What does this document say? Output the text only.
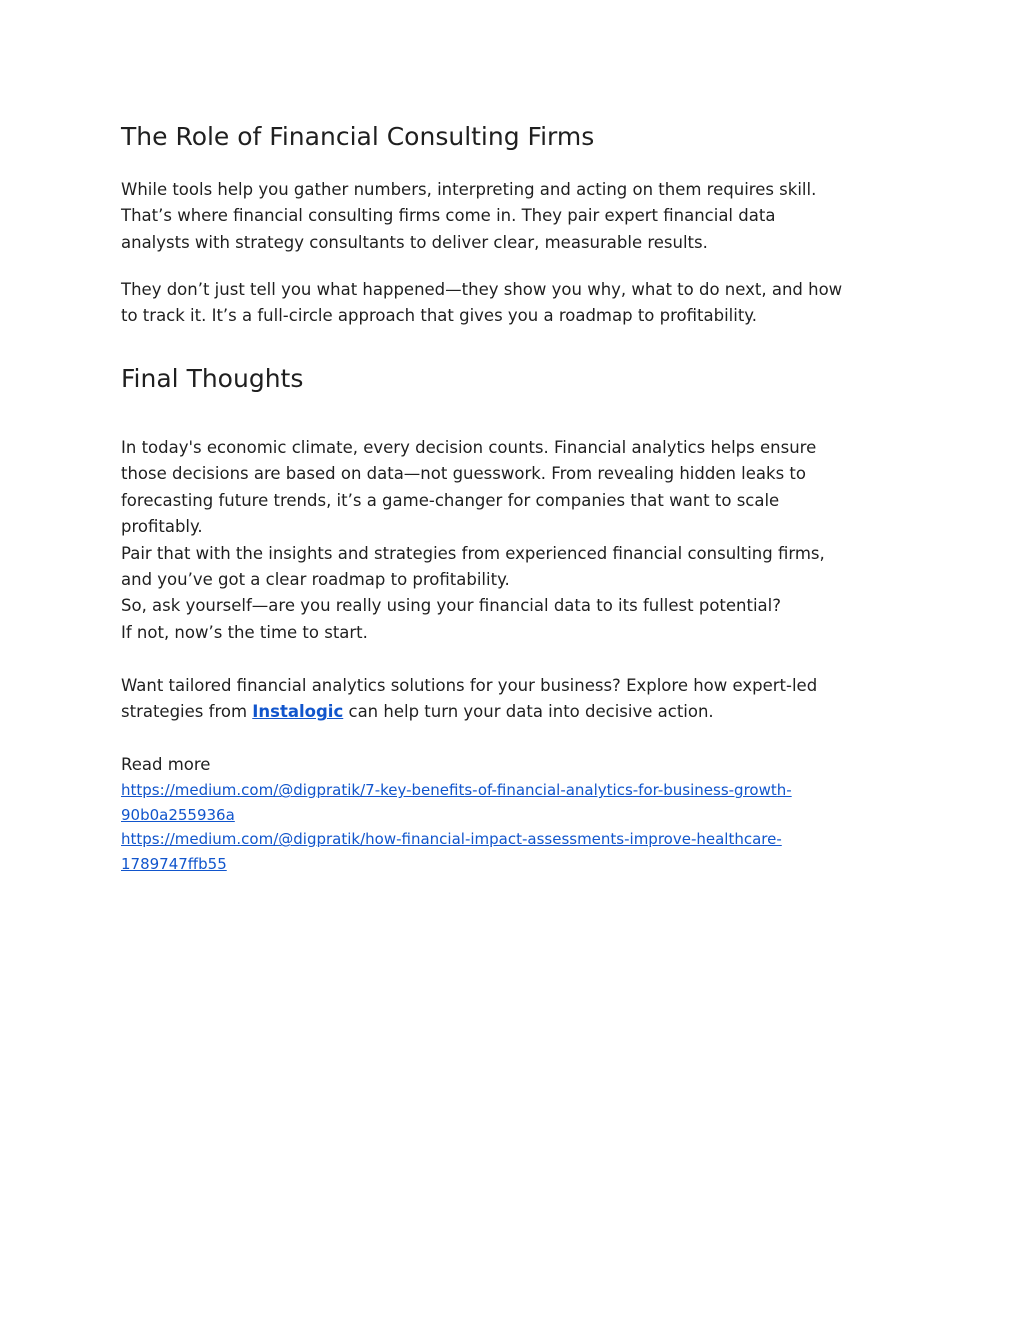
The Role of Financial Consulting Firms

While tools help you gather numbers, interpreting and acting on them requires skill.
That’s where financial consulting firms come in. They pair expert financial data
analysts with strategy consultants to deliver clear, measurable results.

They don’t just tell you what happened—they show you why, what to do next, and how
to track it. It’s a full-circle approach that gives you a roadmap to profitability.

Final Thoughts

In today's economic climate, every decision counts. Financial analytics helps ensure
those decisions are based on data—not guesswork. From revealing hidden leaks to
forecasting future trends, it’s a game-changer for companies that want to scale
profitably.
Pair that with the insights and strategies from experienced financial consulting firms,
and you’ve got a clear roadmap to profitability.
So, ask yourself—are you really using your financial data to its fullest potential?
If not, now’s the time to start.

Want tailored financial analytics solutions for your business? Explore how expert-led
strategies from Instalogic can help turn your data into decisive action.

Read more
https://medium.com/@digpratik/7-key-benefits-of-financial-analytics-for-business-growth-
90b0a255936a
https://medium.com/@digpratik/how-financial-impact-assessments-improve-healthcare-
1789747ffb55
